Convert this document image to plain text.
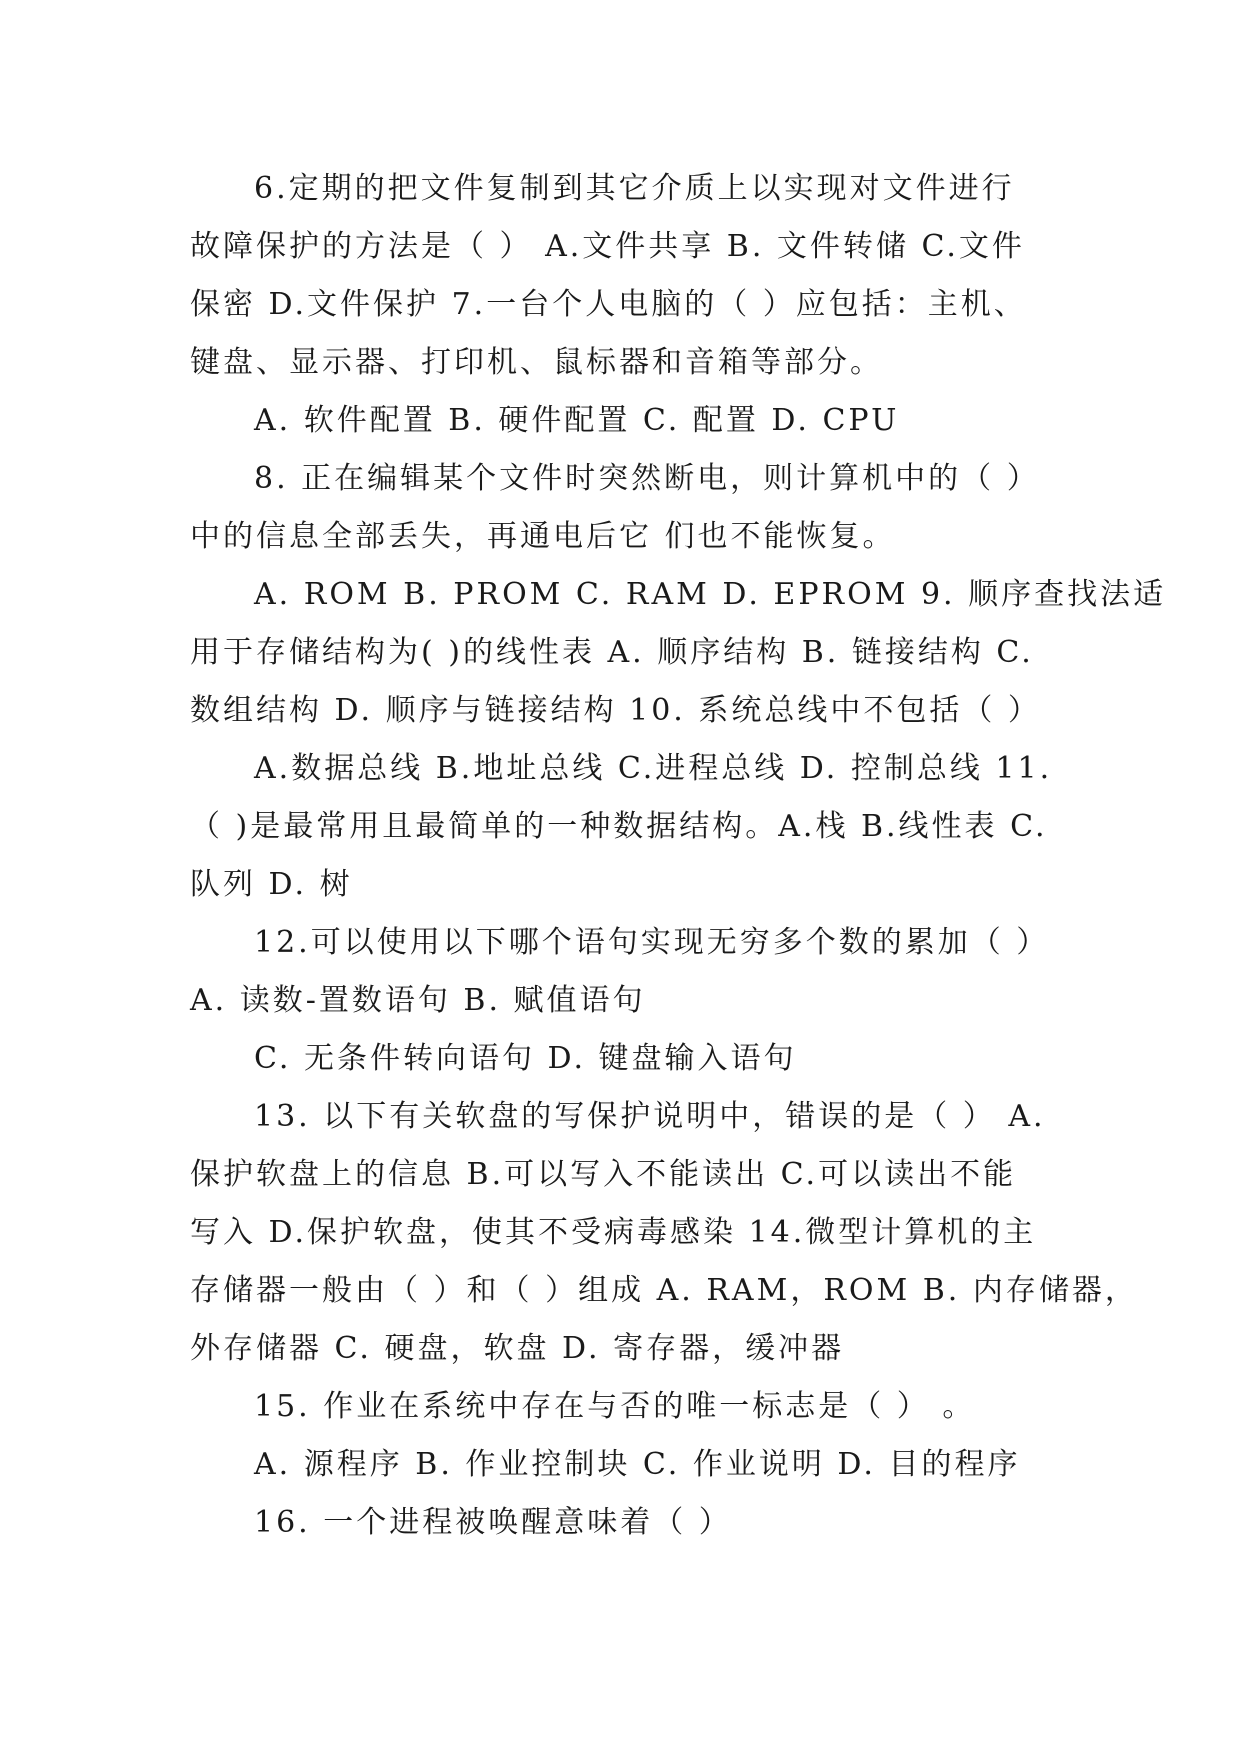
6.定期的把文件复制到其它介质上以实现对文件进行
故障保护的方法是（ ） A.文件共享 B. 文件转储 C.文件
保密 D.文件保护 7.一台个人电脑的（ ）应包括：主机、
键盘、显示器、打印机、鼠标器和音箱等部分。
A. 软件配置 B. 硬件配置 C. 配置 D. CPU
8. 正在编辑某个文件时突然断电，则计算机中的（ ）
中的信息全部丢失，再通电后它 们也不能恢复。
A. ROM B. PROM C. RAM D. EPROM 9. 顺序查找法适
用于存储结构为( )的线性表 A. 顺序结构 B. 链接结构 C.
数组结构 D. 顺序与链接结构 10. 系统总线中不包括（ ）
A.数据总线 B.地址总线 C.进程总线 D. 控制总线 11.
（ )是最常用且最简单的一种数据结构。A.栈 B.线性表 C.
队列 D. 树
12.可以使用以下哪个语句实现无穷多个数的累加（ ）
A. 读数-置数语句 B. 赋值语句
C. 无条件转向语句 D. 键盘输入语句
13. 以下有关软盘的写保护说明中，错误的是（ ） A.
保护软盘上的信息 B.可以写入不能读出 C.可以读出不能
写入 D.保护软盘，使其不受病毒感染 14.微型计算机的主
存储器一般由（ ）和（ ）组成 A. RAM，ROM B. 内存储器，
外存储器 C. 硬盘，软盘 D. 寄存器，缓冲器
15. 作业在系统中存在与否的唯一标志是（ ） 。
A. 源程序 B. 作业控制块 C. 作业说明 D. 目的程序
16. 一个进程被唤醒意味着（ ）
